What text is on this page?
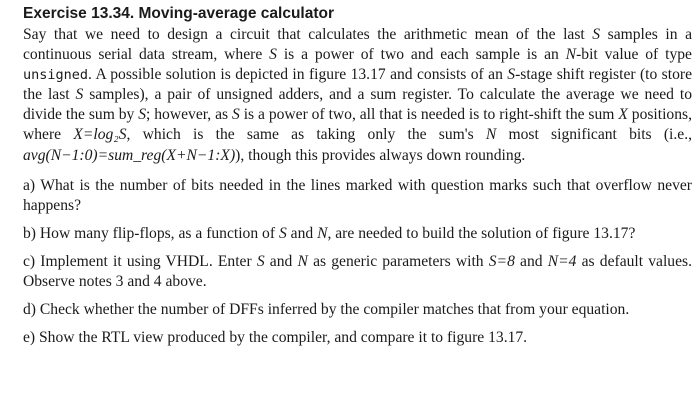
Exercise 13.34. Moving-average calculator

Say that we need to design a circuit that calculates the arithmetic mean of the last S samples in a continuous serial data stream, where S is a power of two and each sample is an N-bit value of type unsigned. A possible solution is depicted in figure 13.17 and consists of an S-stage shift register (to store the last S samples), a pair of unsigned adders, and a sum register. To calculate the average we need to divide the sum by S; however, as S is a power of two, all that is needed is to right-shift the sum X positions, where X=log₂S, which is the same as taking only the sum's N most significant bits (i.e., avg(N−1:0)=sum_reg(X+N−1:X)), though this provides always down rounding.

a) What is the number of bits needed in the lines marked with question marks such that overflow never happens?

b) How many flip-flops, as a function of S and N, are needed to build the solution of figure 13.17?

c) Implement it using VHDL. Enter S and N as generic parameters with S=8 and N=4 as default values. Observe notes 3 and 4 above.

d) Check whether the number of DFFs inferred by the compiler matches that from your equation.

e) Show the RTL view produced by the compiler, and compare it to figure 13.17.
